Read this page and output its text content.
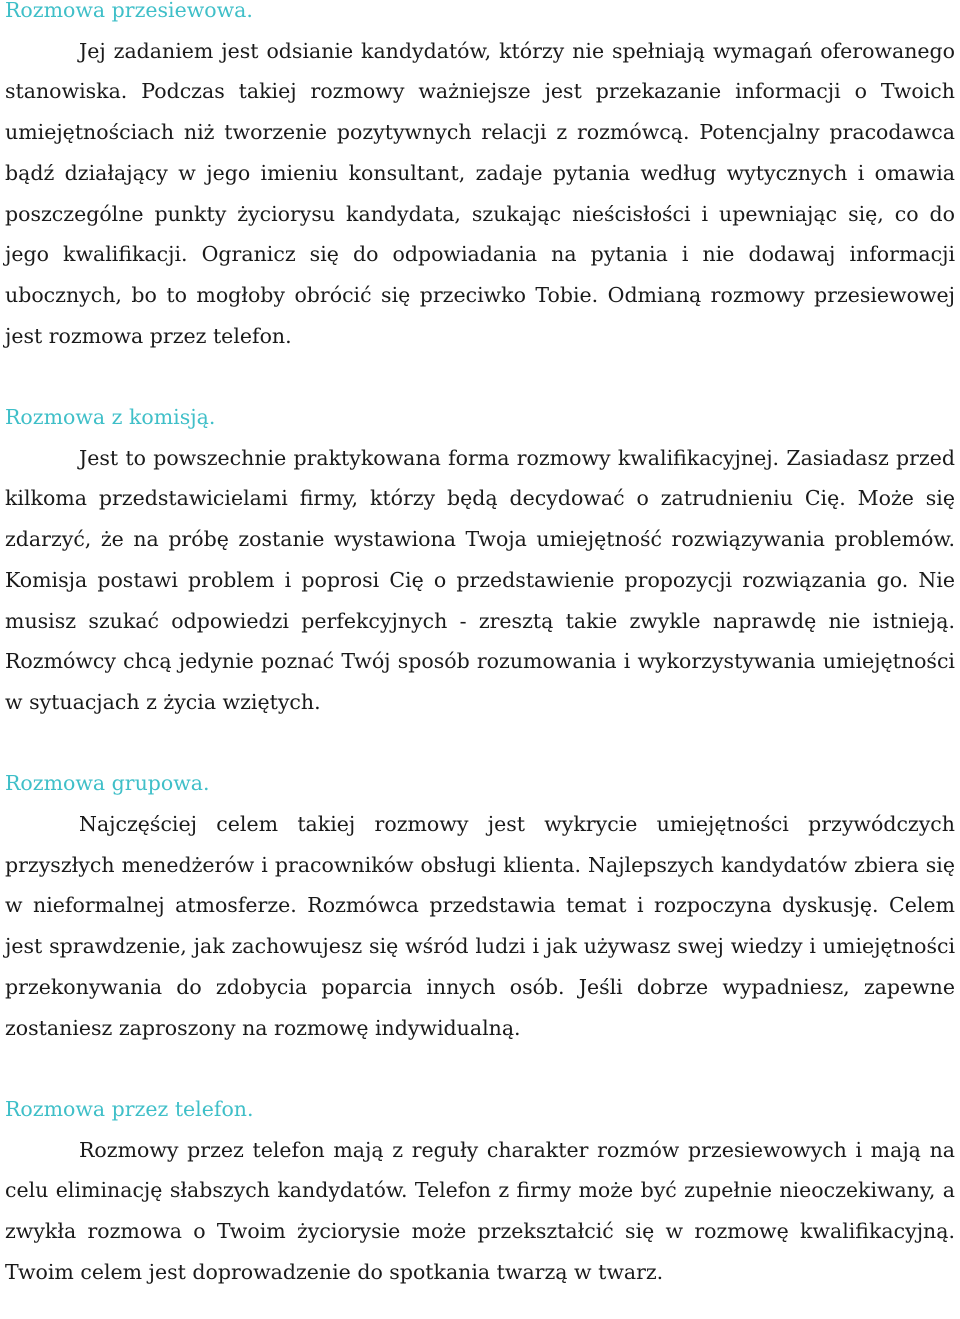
Rozmowa przesiewowa.

Jej zadaniem jest odsianie kandydatów, którzy nie spełniają wymagań oferowanego stanowiska. Podczas takiej rozmowy ważniejsze jest przekazanie informacji o Twoich umiejętnościach niż tworzenie pozytywnych relacji z rozmówcą. Potencjalny pracodawca bądź działający w jego imieniu konsultant, zadaje pytania według wytycznych i omawia poszczególne punkty życiorysu kandydata, szukając nieścisłości i upewniając się, co do jego kwalifikacji. Ogranicz się do odpowiadania na pytania i nie dodawaj informacji ubocznych, bo to mogłoby obrócić się przeciwko Tobie. Odmianą rozmowy przesiewowej jest rozmowa przez telefon.

Rozmowa z komisją.

Jest to powszechnie praktykowana forma rozmowy kwalifikacyjnej. Zasiadasz przed kilkoma przedstawicielami firmy, którzy będą decydować o zatrudnieniu Cię. Może się zdarzyć, że na próbę zostanie wystawiona Twoja umiejętność rozwiązywania problemów. Komisja postawi problem i poprosi Cię o przedstawienie propozycji rozwiązania go. Nie musisz szukać odpowiedzi perfekcyjnych - zresztą takie zwykle naprawdę nie istnieją. Rozmówcy chcą jedynie poznać Twój sposób rozumowania i wykorzystywania umiejętności w sytuacjach z życia wziętych.

Rozmowa grupowa.

Najczęściej celem takiej rozmowy jest wykrycie umiejętności przywódczych przyszłych menedżerów i pracowników obsługi klienta. Najlepszych kandydatów zbiera się w nieformalnej atmosferze. Rozmówca przedstawia temat i rozpoczyna dyskusję. Celem jest sprawdzenie, jak zachowujesz się wśród ludzi i jak używasz swej wiedzy i umiejętności przekonywania do zdobycia poparcia innych osób. Jeśli dobrze wypadniesz, zapewne zostaniesz zaproszony na rozmowę indywidualną.

Rozmowa przez telefon.

Rozmowy przez telefon mają z reguły charakter rozmów przesiewowych i mają na celu eliminację słabszych kandydatów. Telefon z firmy może być zupełnie nieoczekiwany, a zwykła rozmowa o Twoim życiorysie może przekształcić się w rozmowę kwalifikacyjną. Twoim celem jest doprowadzenie do spotkania twarzą w twarz.
